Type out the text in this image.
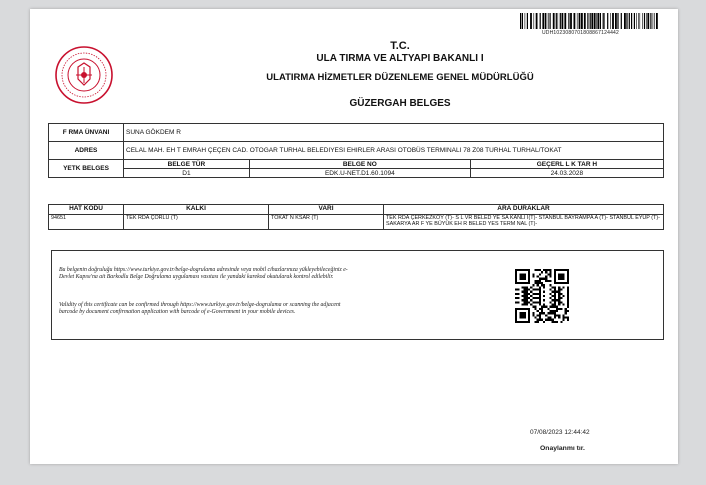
UDH1023080701808867124442
T.C.
ULA TIRMA VE ALTYAPI BAKANLI I
ULATIRMA HİZMETLER DÜZENLEME GENEL MÜDÜRLÜĞÜ
GÜZERGAH BELGES
F RMA ÜNVANI	SUNA GÖKDEM R		
ADRES	CELAL MAH. EH T EMRAH ÇEÇEN CAD. OTOGAR TURHAL BELEDIYESI EHIRLER ARASI OTOBÜS TERMINALI 78 Z08 TURHAL TURHAL/TOKAT		
YETK BELGES	BELGE TÜR	BELGE NO	GEÇERL L K TAR H
	D1	EDK.U-NET.D1.60.1094	24.03.2028
HAT KODU	KALKI	VARI	ARA DURAKLAR
94651	TEK RDA ÇORLU (T)	TOKAT N KSAR (T)	TEK RDA ÇERKEZKÖY (T)- S L VR BELED YE SA KANLI I(T)- STANBUL BAYRAMPA A (T)- STANBUL EYÜP (T)- SAKARYA AR F YE BÜYÜK EH R BELED YES TERM NAL (T)-
Bu belgenin doğruluğu https://www.turkiye.gov.tr/belge-dogrulama adresinde veya mobil cihazlarınıza yükleyebileceğiniz e-Devlet Kapısı'na ait Barkodlu Belge Doğrulama uygulaması vasıtası ile yandaki karekod okutularak kontrol edilebilir.
Validity of this certificate can be confirmed through https://www.turkiye.gov.tr/belge-dogrulama or scanning the adjacent barcode by document confirmation application with barcode of e-Government in your mobile devices.
07/08/2023 12:44:42
Onaylanmı tır.
